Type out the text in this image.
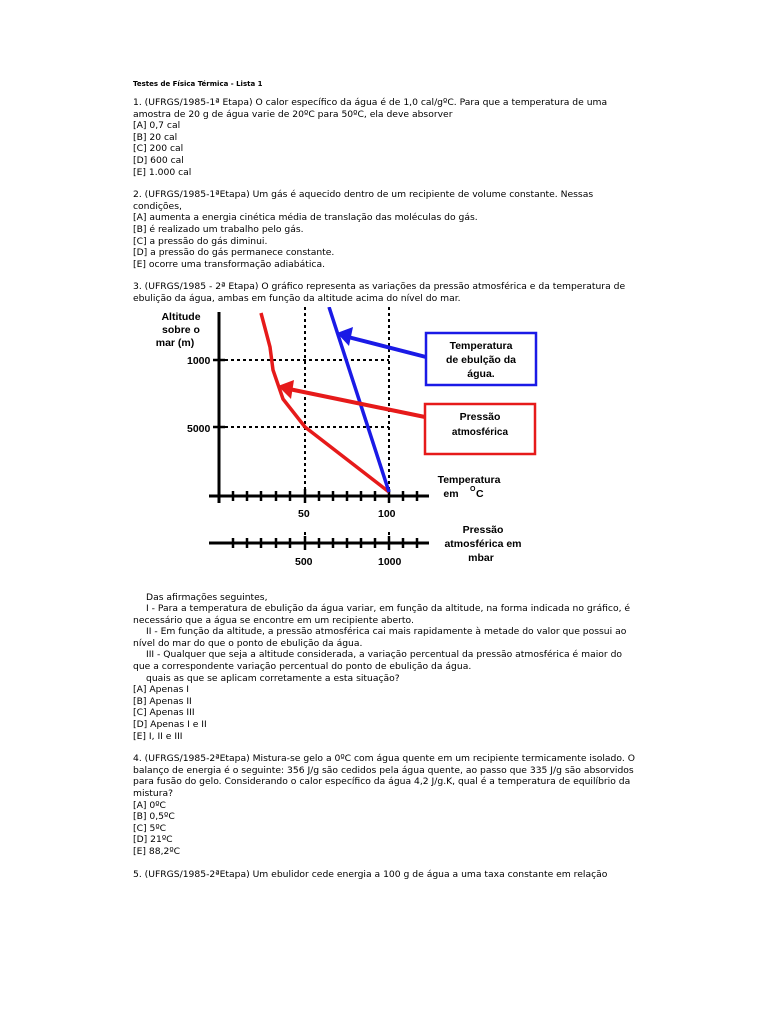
Testes de Física Térmica - Lista 1
1. (UFRGS/1985-1ª Etapa) O calor específico da água é de 1,0 cal/gºC. Para que a temperatura de uma amostra de 20 g de água varie de 20ºC para 50ºC, ela deve absorver
[A] 0,7 cal
[B] 20 cal
[C] 200 cal
[D] 600 cal
[E] 1.000 cal
2. (UFRGS/1985-1ªEtapa) Um gás é aquecido dentro de um recipiente de volume constante. Nessas condições,
[A] aumenta a energia cinética média de translação das moléculas do gás.
[B] é realizado um trabalho pelo gás.
[C] a pressão do gás diminui.
[D] a pressão do gás permanece constante.
[E] ocorre uma transformação adiabática.
3. (UFRGS/1985 - 2ª Etapa) O gráfico representa as variações da pressão atmosférica e da temperatura de ebulição da água, ambas em função da altitude acima do nível do mar.
Altitude
sobre o
mar (m)
1000
5000
50	100
Temperatura
em O C
500	1000
Pressão
atmosférica em
mbar
Temperatura
de ebulção da
água.
Pressão
atmosférica
Das afirmações seguintes,
I - Para a temperatura de ebulição da água variar, em função da altitude, na forma indicada no gráfico, é necessário que a água se encontre em um recipiente aberto.
II - Em função da altitude, a pressão atmosférica cai mais rapidamente à metade do valor que possui ao nível do mar do que o ponto de ebulição da água.
III - Qualquer que seja a altitude considerada, a variação percentual da pressão atmosférica é maior do que a correspondente variação percentual do ponto de ebulição da água.
quais as que se aplicam corretamente a esta situação?
[A] Apenas I
[B] Apenas II
[C] Apenas III
[D] Apenas I e II
[E] I, II e III
4. (UFRGS/1985-2ªEtapa) Mistura-se gelo a 0ºC com água quente em um recipiente termicamente isolado. O balanço de energia é o seguinte: 356 J/g são cedidos pela água quente, ao passo que 335 J/g são absorvidos para fusão do gelo. Considerando o calor específico da água 4,2 J/g.K, qual é a temperatura de equilíbrio da mistura?
[A] 0ºC
[B] 0,5ºC
[C] 5ºC
[D] 21ºC
[E] 88,2ºC
5. (UFRGS/1985-2ªEtapa) Um ebulidor cede energia a 100 g de água a uma taxa constante em relação
